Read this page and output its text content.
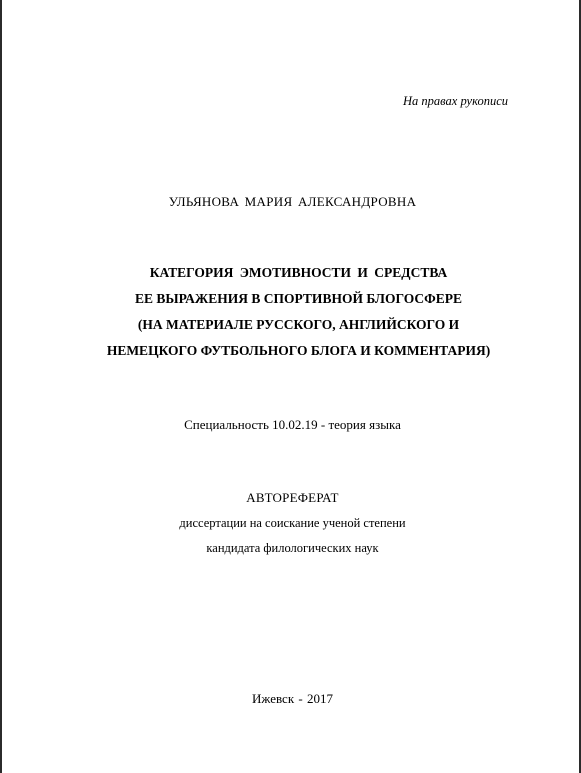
На правах рукописи
УЛЬЯНОВА МАРИЯ АЛЕКСАНДРОВНА
КАТЕГОРИЯ ЭМОТИВНОСТИ И СРЕДСТВА
ЕЕ ВЫРАЖЕНИЯ В СПОРТИВНОЙ БЛОГОСФЕРЕ
(НА МАТЕРИАЛЕ РУССКОГО, АНГЛИЙСКОГО И
НЕМЕЦКОГО ФУТБОЛЬНОГО БЛОГА И КОММЕНТАРИЯ)
Специальность 10.02.19 - теория языка
АВТОРЕФЕРАТ
диссертации на соискание ученой степени
кандидата филологических наук
Ижевск - 2017
